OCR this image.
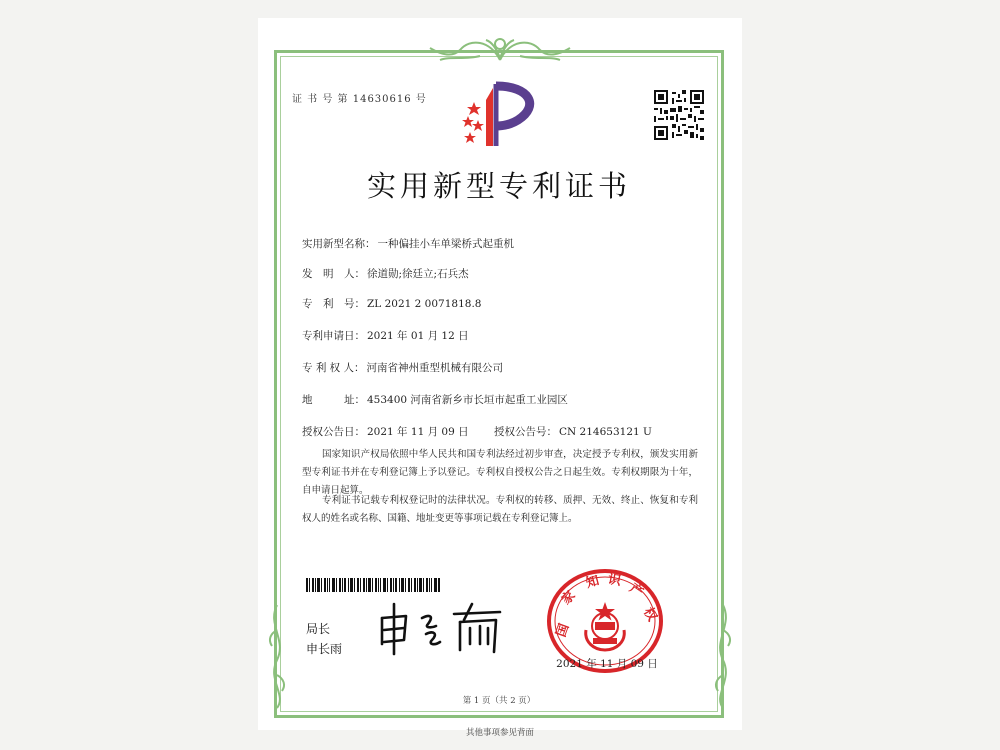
证 书 号 第 14630616 号
实用新型专利证书
实用新型名称： 一种偏挂小车单梁桥式起重机
发　明　人： 徐道勋;徐廷立;石兵杰
专　利　号： ZL 2021 2 0071818.8
专利申请日： 2021 年 01 月 12 日
专 利 权 人： 河南省神州重型机械有限公司
地　　　址： 453400 河南省新乡市长垣市起重工业园区
授权公告日： 2021 年 11 月 09 日 授权公告号： CN 214653121 U
国家知识产权局依照中华人民共和国专利法经过初步审查，决定授予专利权，颁发实用新型专利证书并在专利登记簿上予以登记。专利权自授权公告之日起生效。专利权期限为十年，自申请日起算。
专利证书记载专利权登记时的法律状况。专利权的转移、质押、无效、终止、恢复和专利权人的姓名或名称、国籍、地址变更等事项记载在专利登记簿上。
局长
申长雨
国
家
知 识
产
权
2021 年 11 月 09 日
第 1 页（共 2 页）
其他事项参见背面
